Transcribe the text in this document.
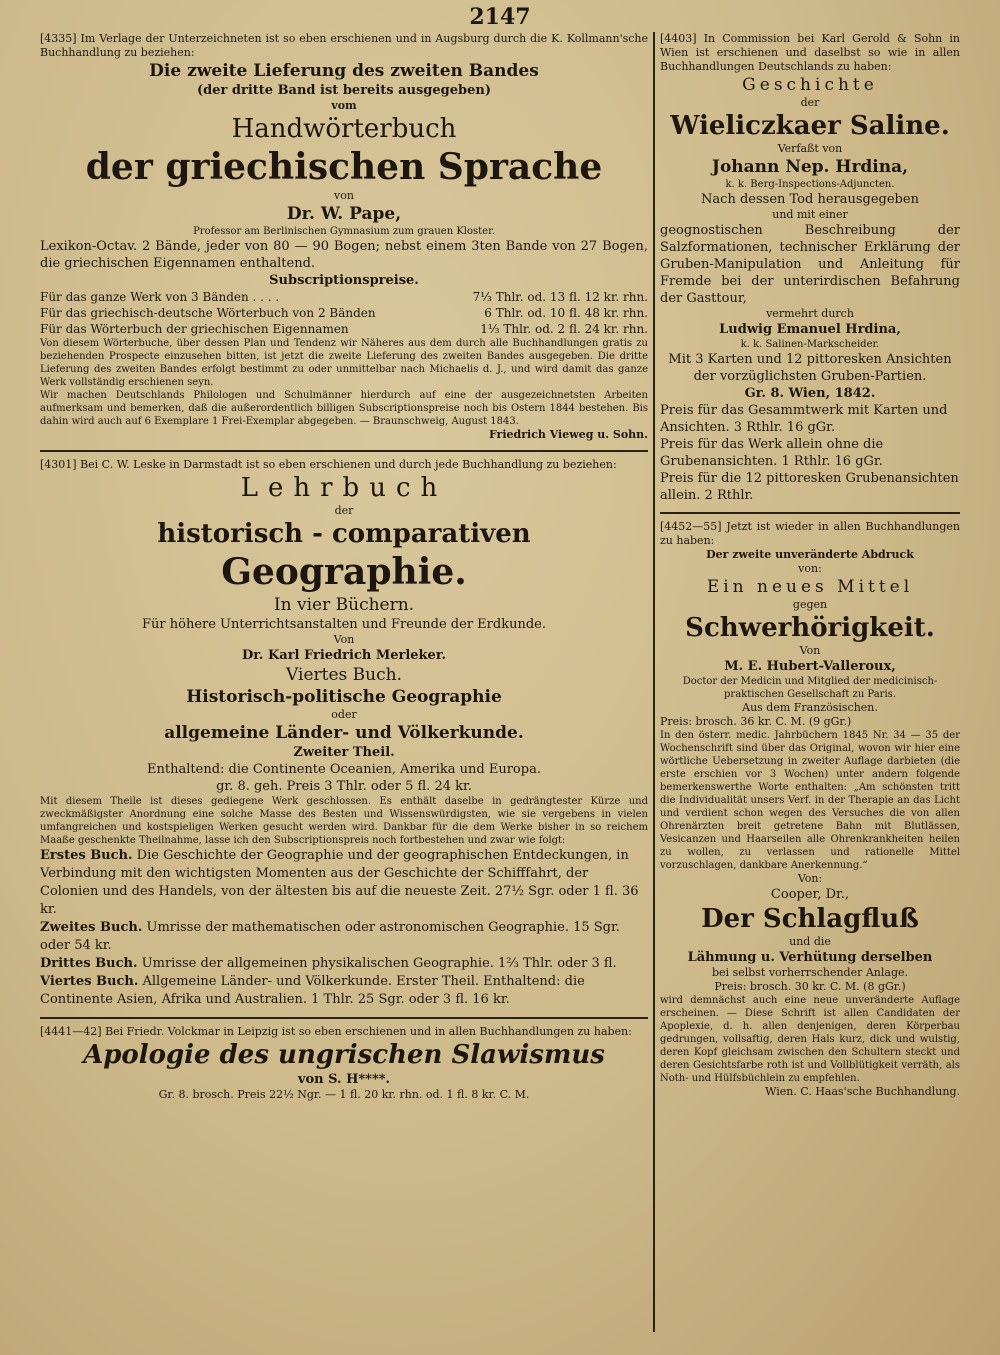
2147

[4335] Im Verlage der Unterzeichneten ist so eben erschienen und in Augsburg durch die K. Kollmann'sche Buchhandlung zu beziehen:

Die zweite Lieferung des zweiten Bandes

(der dritte Band ist bereits ausgegeben)

vom

Handwörterbuch

der griechischen Sprache

von

Dr. W. Pape,

Professor am Berlinischen Gymnasium zum grauen Kloster.

Lexikon-Octav. 2 Bände, jeder von 80 — 90 Bogen; nebst einem 3ten Bande von 27 Bogen, die griechischen Eigennamen enthaltend.

Subscriptionspreise.

Für das ganze Werk von 3 Bänden . . . .	7⅓ Thlr. od. 13 fl. 12 kr. rhn.
Für das griechisch-deutsche Wörterbuch von 2 Bänden	6 Thlr. od. 10 fl. 48 kr. rhn.
Für das Wörterbuch der griechischen Eigennamen	1⅓ Thlr. od. 2 fl. 24 kr. rhn.

Von diesem Wörterbuche, über dessen Plan und Tendenz wir Näheres aus dem durch alle Buchhandlungen gratis zu beziehenden Prospecte einzusehen bitten, ist jetzt die zweite Lieferung des zweiten Bandes ausgegeben. Die dritte Lieferung des zweiten Bandes erfolgt bestimmt zu oder unmittelbar nach Michaelis d. J., und wird damit das ganze Werk vollständig erschienen seyn.

Wir machen Deutschlands Philologen und Schulmänner hierdurch auf eine der ausgezeichnetsten Arbeiten aufmerksam und bemerken, daß die außerordentlich billigen Subscriptionspreise noch bis Ostern 1844 bestehen. Bis dahin wird auch auf 6 Exemplare 1 Frei-Exemplar abgegeben. — Braunschweig, August 1843.

Friedrich Vieweg u. Sohn.

[4301] Bei C. W. Leske in Darmstadt ist so eben erschienen und durch jede Buchhandlung zu beziehen:

Lehrbuch

der

historisch - comparativen

Geographie.

In vier Büchern.

Für höhere Unterrichtsanstalten und Freunde der Erdkunde.

Von

Dr. Karl Friedrich Merleker.

Viertes Buch.

Historisch-politische Geographie

oder

allgemeine Länder- und Völkerkunde.

Zweiter Theil.

Enthaltend: die Continente Oceanien, Amerika und Europa.

gr. 8. geh. Preis 3 Thlr. oder 5 fl. 24 kr.

Mit diesem Theile ist dieses gediegene Werk geschlossen. Es enthält daselbe in gedrängtester Kürze und zweckmäßigster Anordnung eine solche Masse des Besten und Wissenswürdigsten, wie sie vergebens in vielen umfangreichen und kostspieligen Werken gesucht werden wird. Dankbar für die dem Werke bisher in so reichem Maaße geschenkte Theilnahme, lasse ich den Subscriptionspreis noch fortbestehen und zwar wie folgt:

Erstes Buch. Die Geschichte der Geographie und der geographischen Entdeckungen, in Verbindung mit den wichtigsten Momenten aus der Geschichte der Schifffahrt, der Colonien und des Handels, von der ältesten bis auf die neueste Zeit. 27½ Sgr. oder 1 fl. 36 kr.
Zweites Buch. Umrisse der mathematischen oder astronomischen Geographie. 15 Sgr. oder 54 kr.
Drittes Buch. Umrisse der allgemeinen physikalischen Geographie. 1⅔ Thlr. oder 3 fl.
Viertes Buch. Allgemeine Länder- und Völkerkunde. Erster Theil. Enthaltend: die Continente Asien, Afrika und Australien. 1 Thlr. 25 Sgr. oder 3 fl. 16 kr.

[4441—42] Bei Friedr. Volckmar in Leipzig ist so eben erschienen und in allen Buchhandlungen zu haben:

Apologie des ungrischen Slawismus

von S. H****.

Gr. 8. brosch. Preis 22½ Ngr. — 1 fl. 20 kr. rhn. od. 1 fl. 8 kr. C. M.

[4403] In Commission bei Karl Gerold & Sohn in Wien ist erschienen und daselbst so wie in allen Buchhandlungen Deutschlands zu haben:

Geschichte

der

Wieliczkaer Saline.

Verfaßt von

Johann Nep. Hrdina,

k. k. Berg-Inspections-Adjuncten.

Nach dessen Tod herausgegeben

und mit einer

geognostischen Beschreibung der Salzformationen, technischer Erklärung der Gruben-Manipulation und Anleitung für Fremde bei der unterirdischen Befahrung der Gasttour,

vermehrt durch

Ludwig Emanuel Hrdina,

k. k. Salinen-Markscheider.

Mit 3 Karten und 12 pittoresken Ansichten der vorzüglichsten Gruben-Partien.

Gr. 8. Wien, 1842.

Preis für das Gesammtwerk mit Karten und Ansichten. 3 Rthlr. 16 gGr.

Preis für das Werk allein ohne die Grubenansichten. 1 Rthlr. 16 gGr.

Preis für die 12 pittoresken Grubenansichten allein. 2 Rthlr.

[4452—55] Jetzt ist wieder in allen Buchhandlungen zu haben:

Der zweite unveränderte Abdruck

von:

Ein neues Mittel

gegen

Schwerhörigkeit.

Von

M. E. Hubert-Valleroux,

Doctor der Medicin und Mitglied der medicinisch-praktischen Gesellschaft zu Paris.

Aus dem Französischen.

Preis: brosch. 36 kr. C. M. (9 gGr.)

In den österr. medic. Jahrbüchern 1845 Nr. 34 — 35 der Wochenschrift sind über das Original, wovon wir hier eine wörtliche Uebersetzung in zweiter Auflage darbieten (die erste erschien vor 3 Wochen) unter andern folgende bemerkenswerthe Worte enthalten: „Am schönsten tritt die Individualität unsers Verf. in der Therapie an das Licht und verdient schon wegen des Versuches die von allen Ohrenärzten breit getretene Bahn mit Blutlässen, Vesicanzen und Haarseilen alle Ohrenkrankheiten heilen zu wollen, zu verlassen und rationelle Mittel vorzuschlagen, dankbare Anerkennung.“

Von:

Cooper, Dr.,

Der Schlagfluß

und die

Lähmung u. Verhütung derselben

bei selbst vorherrschender Anlage.

Preis: brosch. 30 kr. C. M. (8 gGr.)

wird demnächst auch eine neue unveränderte Auflage erscheinen. — Diese Schrift ist allen Candidaten der Apoplexie, d. h. allen denjenigen, deren Körperbau gedrungen, vollsaftig, deren Hals kurz, dick und wulstig, deren Kopf gleichsam zwischen den Schultern steckt und deren Gesichtsfarbe roth ist und Vollblütigkeit verräth, als Noth- und Hülfsbüchlein zu empfehlen.

Wien. C. Haas'sche Buchhandlung.
